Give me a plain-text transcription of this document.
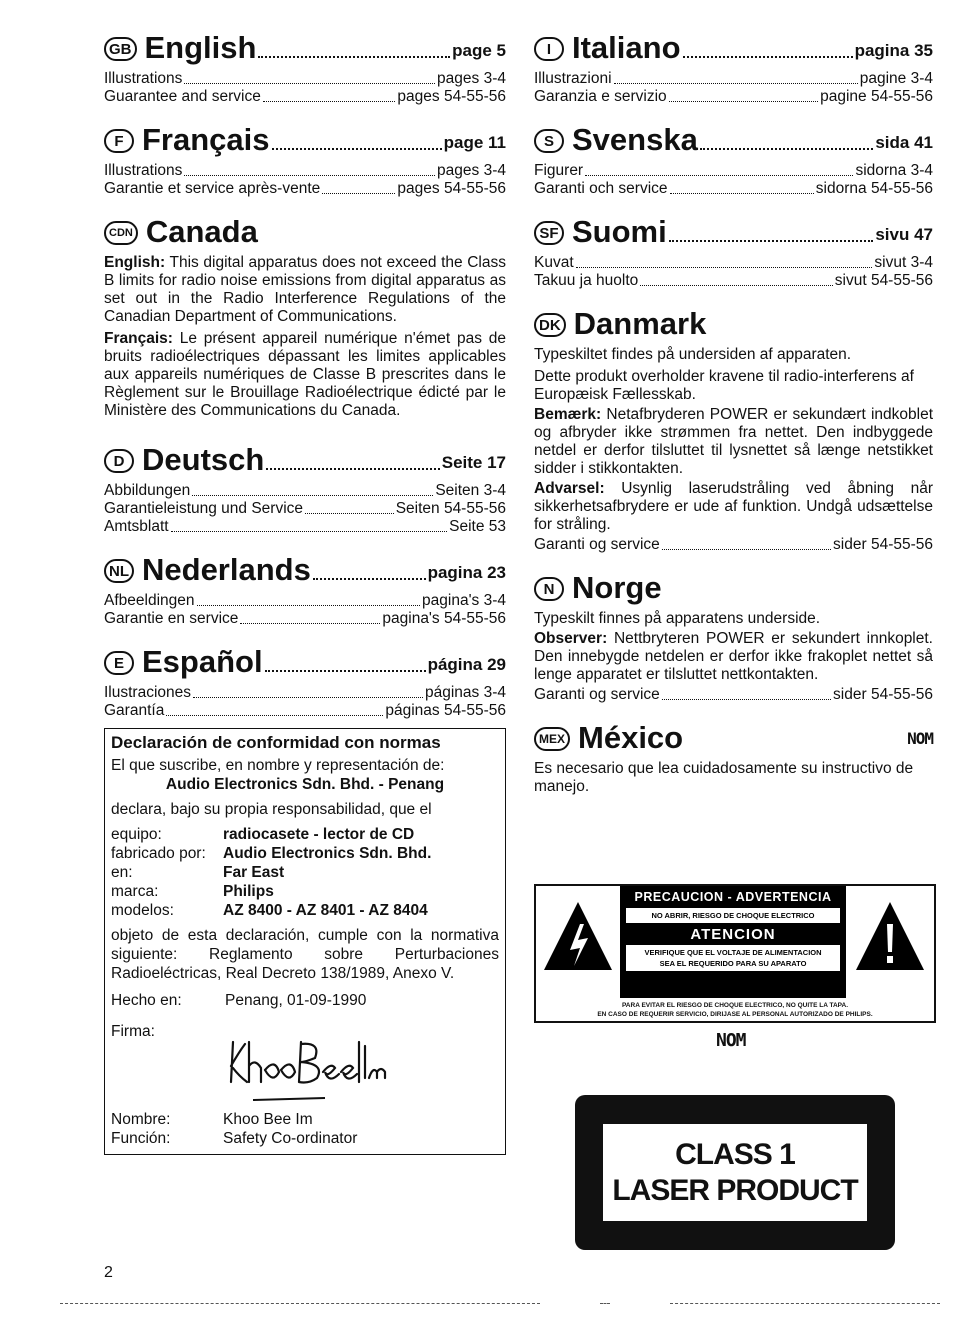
GB English	page 5
Illustrations	pages 3-4
Guarantee and service	pages 54-55-56
F Français	page 11
Illustrations	pages 3-4
Garantie et service après-vente	pages 54-55-56
CDN Canada

English: This digital apparatus does not exceed the Class B limits for radio noise emissions from digital apparatus as set out in the Radio Interference Regulations of the Canadian Department of Communications.

Français: Le présent appareil numérique n'émet pas de bruits radioélectriques dépassant les limites applicables aux appareils numériques de Classe B prescrites dans le Règlement sur le Brouillage Radioélectrique édicté par le Ministère des Communications du Canada.

D Deutsch	Seite 17
Abbildungen	Seiten 3-4
Garantieleistung und Service	Seiten 54-55-56
Amtsblatt	Seite 53
NL Nederlands	pagina 23
Afbeeldingen	pagina's 3-4
Garantie en service	pagina's 54-55-56
E Español	página 29
Ilustraciones	páginas 3-4
Garantía	páginas 54-55-56
Declaración de conformidad con normas
El que suscribe, en nombre y representación de:
Audio Electronics Sdn. Bhd. - Penang
declara, bajo su propia responsabilidad, que el
equipo:	radiocasete - lector de CD
fabricado por:	Audio Electronics Sdn. Bhd.
en:	Far East
marca:	Philips
modelos:	AZ 8400 - AZ 8401 - AZ 8404
objeto de esta declaración, cumple con la normativa siguiente: Reglamento sobre Perturbaciones Radioeléctricas, Real Decreto 138/1989, Anexo V.
Hecho en:	Penang, 01-09-1990
Firma:
Nombre:	Khoo Bee Im
Función:	Safety Co-ordinator
I Italiano	pagina 35
Illustrazioni	pagine 3-4
Garanzia e servizio	pagine 54-55-56
S Svenska	sida 41
Figurer	sidorna 3-4
Garanti och service	sidorna 54-55-56
SF Suomi	sivu 47
Kuvat	sivut 3-4
Takuu ja huolto	sivut 54-55-56
DK Danmark

Typeskiltet findes på undersiden af apparaten.

Dette produkt overholder kravene til radio-interferens af Europæisk Fællesskab.

Bemærk: Netafbryderen POWER er sekundært indkoblet og afbryder ikke strømmen fra nettet. Den indbyggede netdel er derfor tilsluttet til lysnettet så længe netstikket sidder i stikkontakten.

Advarsel: Usynlig laserudstråling ved åbning når sikkerhetsafbrydere er ude af funktion. Undgå udsættelse for stråling.

Garanti og service	sider 54-55-56
N Norge

Typeskilt finnes på apparatens underside.

Observer: Nettbryteren POWER er sekundert innkoplet. Den innebygde netdelen er derfor ikke frakoplet nettet så lenge apparatet er tilsluttet nettkontakten.

Garanti og service	sider 54-55-56
MEX México	NOM

Es necesario que lea cuidadosamente su instructivo de manejo.

PRECAUCION - ADVERTENCIA
NO ABRIR, RIESGO DE CHOQUE ELECTRICO
ATENCION
VERIFIQUE QUE EL VOLTAJE DE ALIMENTACION
SEA EL REQUERIDO PARA SU APARATO
PARA EVITAR EL RIESGO DE CHOQUE ELECTRICO, NO QUITE LA TAPA.
EN CASO DE REQUERIR SERVICIO, DIRIJASE AL PERSONAL AUTORIZADO DE PHILIPS.
NOM
CLASS 1
LASER PRODUCT
2
